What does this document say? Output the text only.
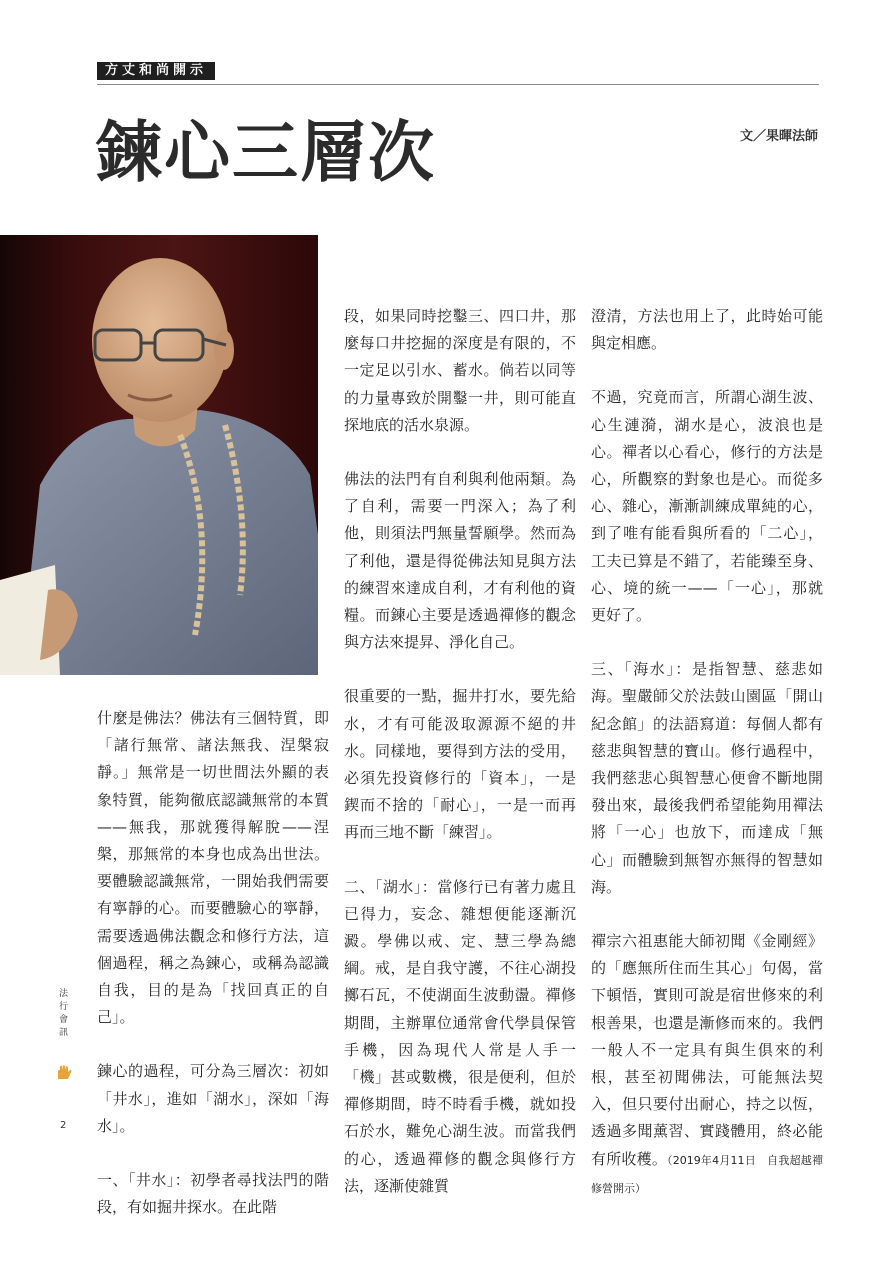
方丈和尚開示
鍊心三層次	文／果暉法師

什麼是佛法？佛法有三個特質，即「諸行無常、諸法無我、涅槃寂靜。」無常是一切世間法外顯的表象特質，能夠徹底認識無常的本質——無我，那就獲得解脫——涅槃，那無常的本身也成為出世法。要體驗認識無常，一開始我們需要有寧靜的心。而要體驗心的寧靜，需要透過佛法觀念和修行方法，這個過程，稱之為鍊心，或稱為認識自我，目的是為「找回真正的自己」。

鍊心的過程，可分為三層次：初如「井水」，進如「湖水」，深如「海水」。

一、「井水」：初學者尋找法門的階段，有如掘井探水。在此階

段，如果同時挖鑿三、四口井，那麼每口井挖掘的深度是有限的，不一定足以引水、蓄水。倘若以同等的力量專致於開鑿一井，則可能直探地底的活水泉源。

佛法的法門有自利與利他兩類。為了自利，需要一門深入；為了利他，則須法門無量誓願學。然而為了利他，還是得從佛法知見與方法的練習來達成自利，才有利他的資糧。而鍊心主要是透過禪修的觀念與方法來提昇、淨化自己。

很重要的一點，掘井打水，要先給水，才有可能汲取源源不絕的井水。同樣地，要得到方法的受用，必須先投資修行的「資本」，一是鍥而不捨的「耐心」，一是一而再再而三地不斷「練習」。

二、「湖水」：當修行已有著力處且已得力，妄念、雜想便能逐漸沉澱。學佛以戒、定、慧三學為總綱。戒，是自我守護，不往心湖投擲石瓦，不使湖面生波動盪。禪修期間，主辦單位通常會代學員保管手機，因為現代人常是人手一「機」甚或數機，很是便利，但於禪修期間，時不時看手機，就如投石於水，難免心湖生波。而當我們的心，透過禪修的觀念與修行方法，逐漸使雜質

澄清，方法也用上了，此時始可能與定相應。

不過，究竟而言，所謂心湖生波、心生漣漪，湖水是心，波浪也是心。禪者以心看心，修行的方法是心，所觀察的對象也是心。而從多心、雜心，漸漸訓練成單純的心，到了唯有能看與所看的「二心」，工夫已算是不錯了，若能臻至身、心、境的統一——「一心」，那就更好了。

三、「海水」：是指智慧、慈悲如海。聖嚴師父於法鼓山園區「開山紀念館」的法語寫道：每個人都有慈悲與智慧的寶山。修行過程中，我們慈悲心與智慧心便會不斷地開發出來，最後我們希望能夠用禪法將「一心」也放下，而達成「無心」而體驗到無智亦無得的智慧如海。

禪宗六祖惠能大師初聞《金剛經》的「應無所住而生其心」句偈，當下頓悟，實則可說是宿世修來的利根善果，也還是漸修而來的。我們一般人不一定具有與生俱來的利根，甚至初聞佛法，可能無法契入，但只要付出耐心，持之以恆，透過多聞薰習、實踐體用，終必能有所收穫。（2019年4月11日　自我超越禪修營開示）

法行會訊
2
